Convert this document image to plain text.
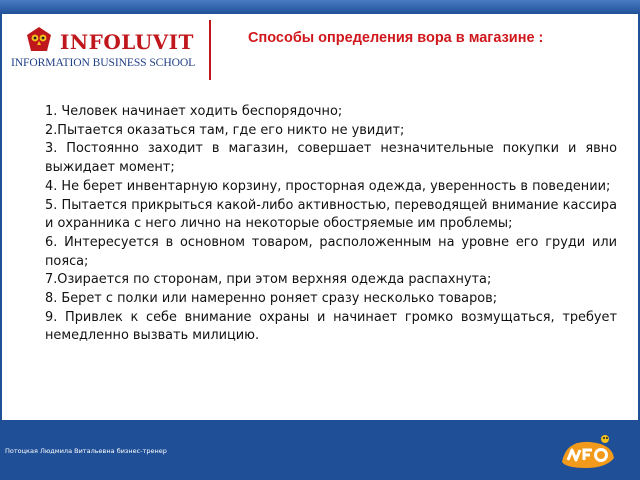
INFOLUVIT
INFORMATION BUSINESS SCHOOL
Способы определения вора в магазине :
1. Человек начинает ходить беспорядочно;
2.Пытается оказаться там, где его никто не увидит;
3. Постоянно заходит в магазин, совершает незначительные покупки и явно выжидает момент;
4. Не берет инвентарную корзину, просторная одежда, уверенность в поведении;
5. Пытается прикрыться какой-либо активностью, переводящей внимание кассира и охранника с него лично на некоторые обостряемые им проблемы;
6. Интересуется в основном товаром, расположенным на уровне его груди или пояса;
7.Озирается по сторонам, при этом верхняя одежда распахнута;
8. Берет с полки или намеренно роняет сразу несколько товаров;
9. Привлек к себе внимание охраны и начинает громко возмущаться, требует немедленно вызвать милицию.
Потоцкая Людмила Витальевна бизнес-тренер
